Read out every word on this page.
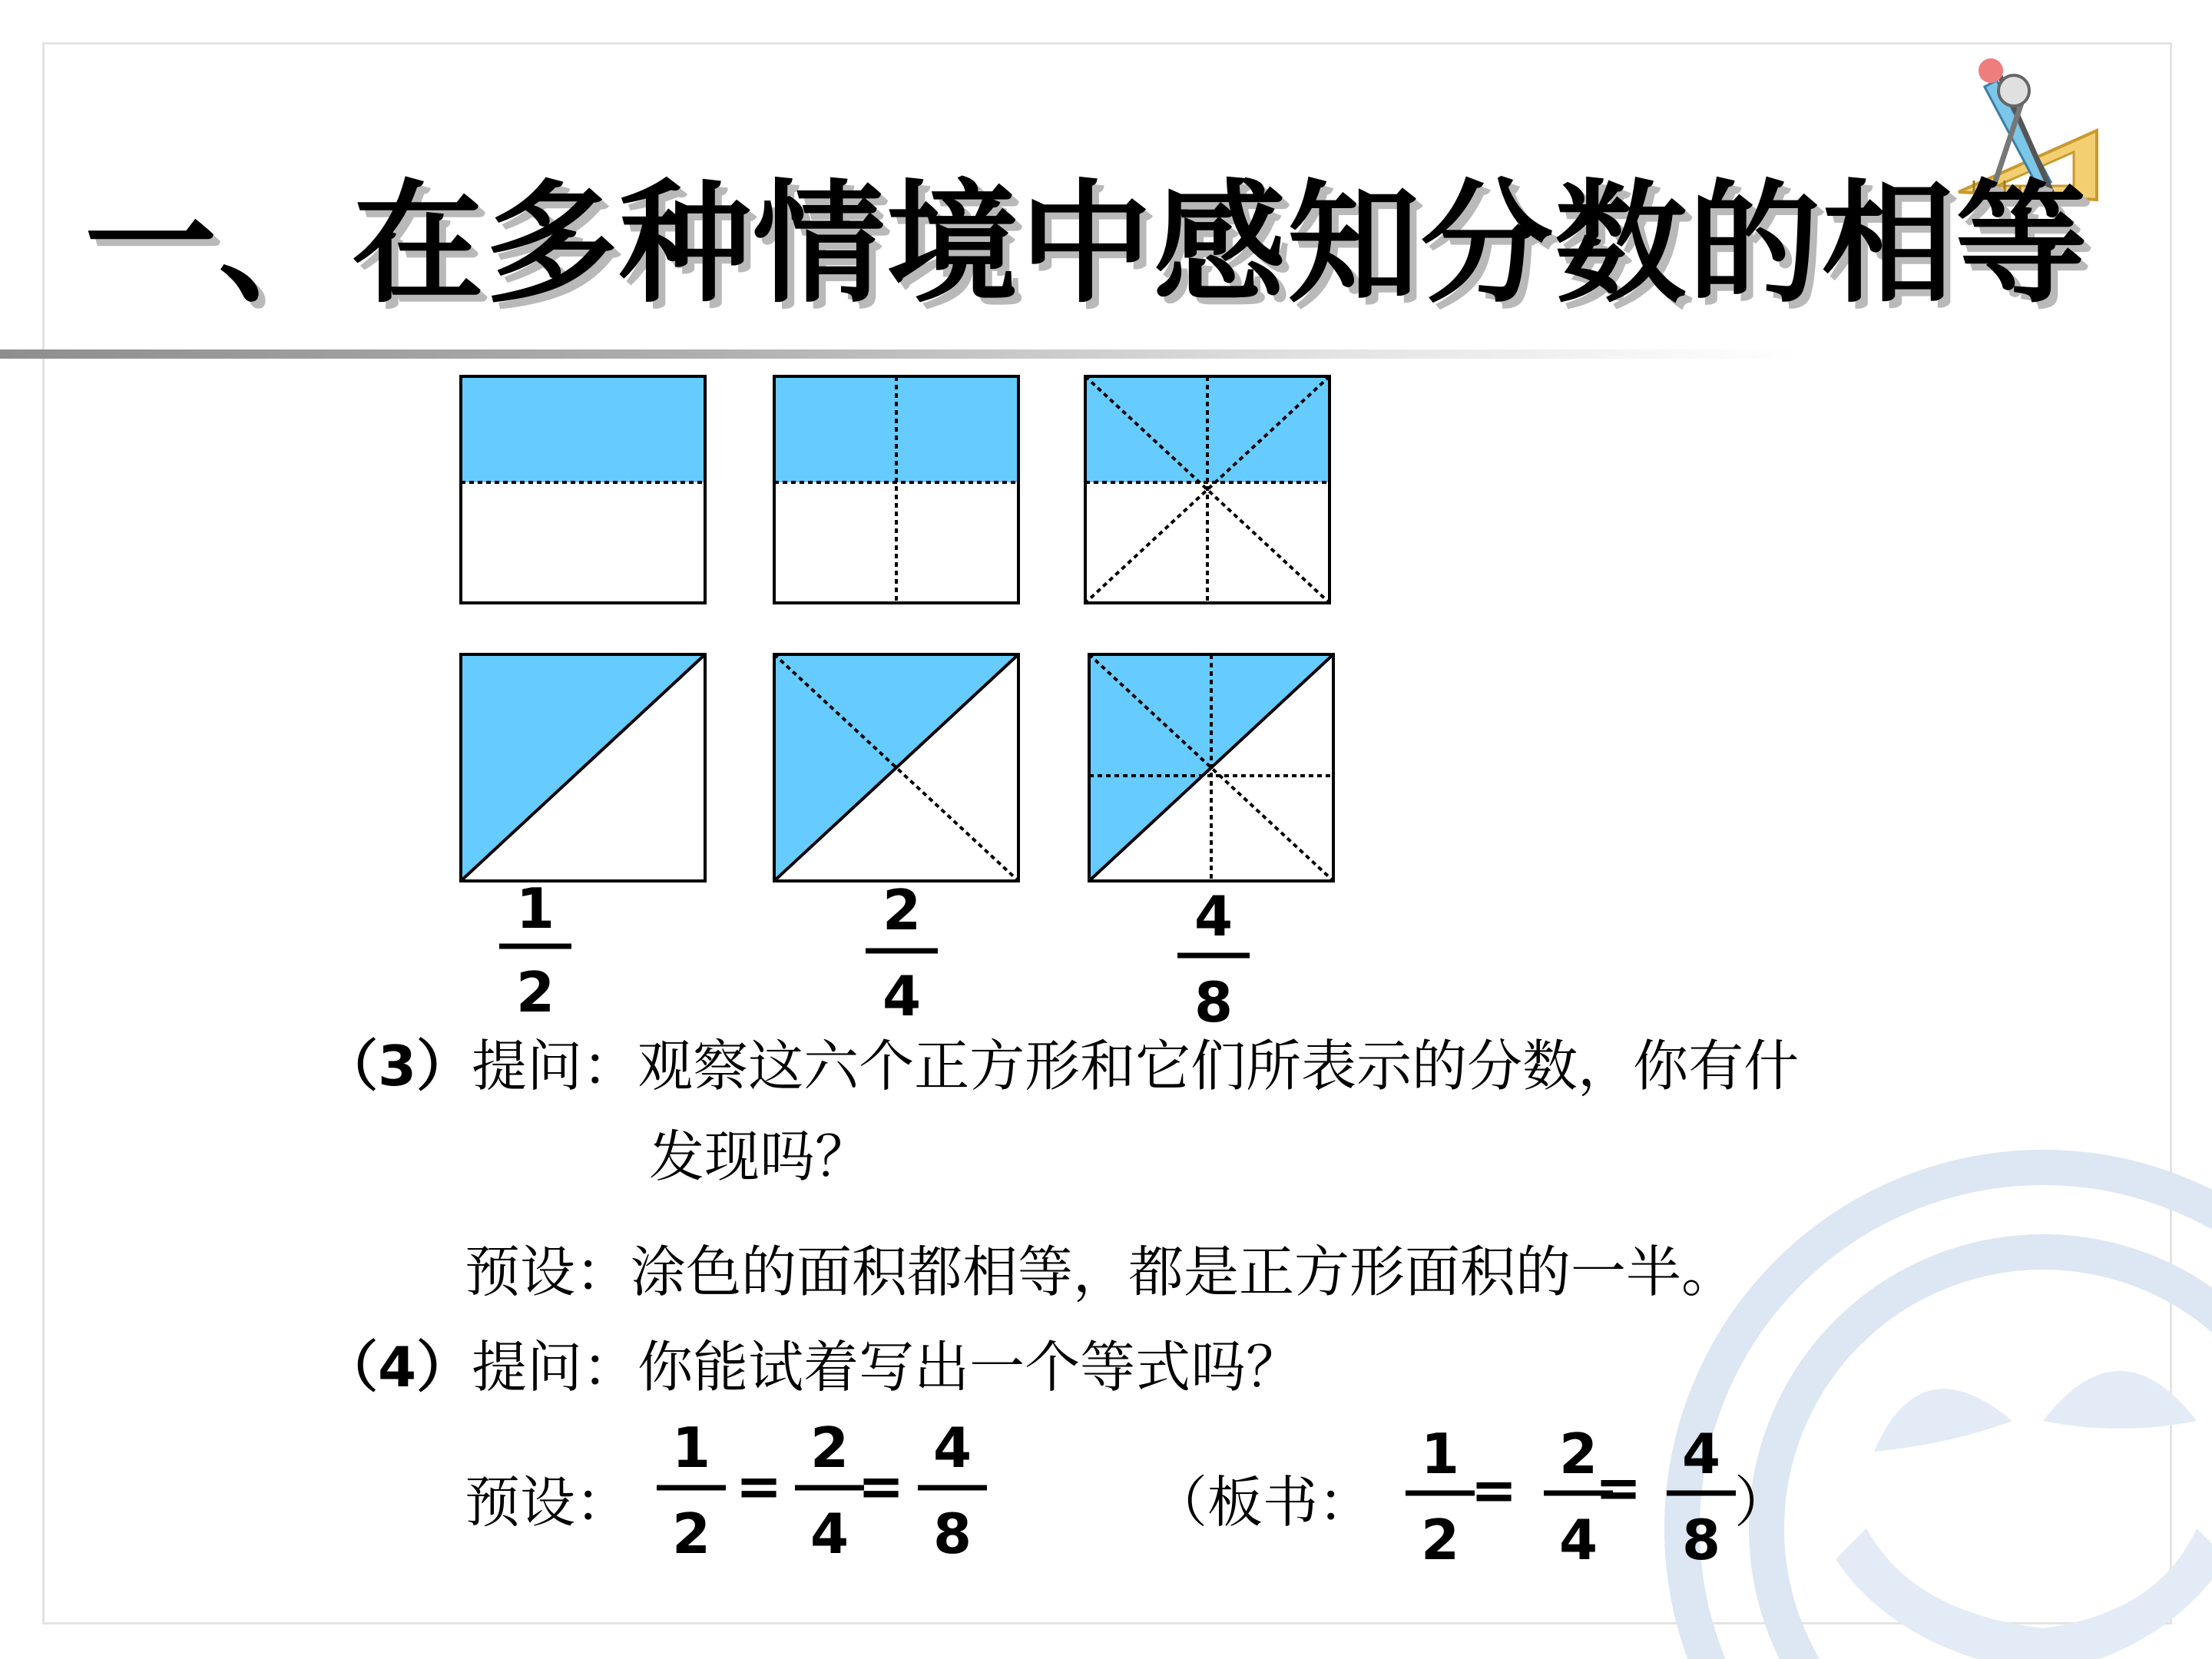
一、在多种情境中感知分数的相等
1
2
2
4
4
8
1
2
=
2
4
=
4
8
1
2
=
2
4
=
4
8
（3）提问：观察这六个正方形和它们所表示的分数，你有什
发现吗？
预设：涂色的面积都相等，都是正方形面积的一半。
（4）提问：你能试着写出一个等式吗？
预设：	（板书：	）
